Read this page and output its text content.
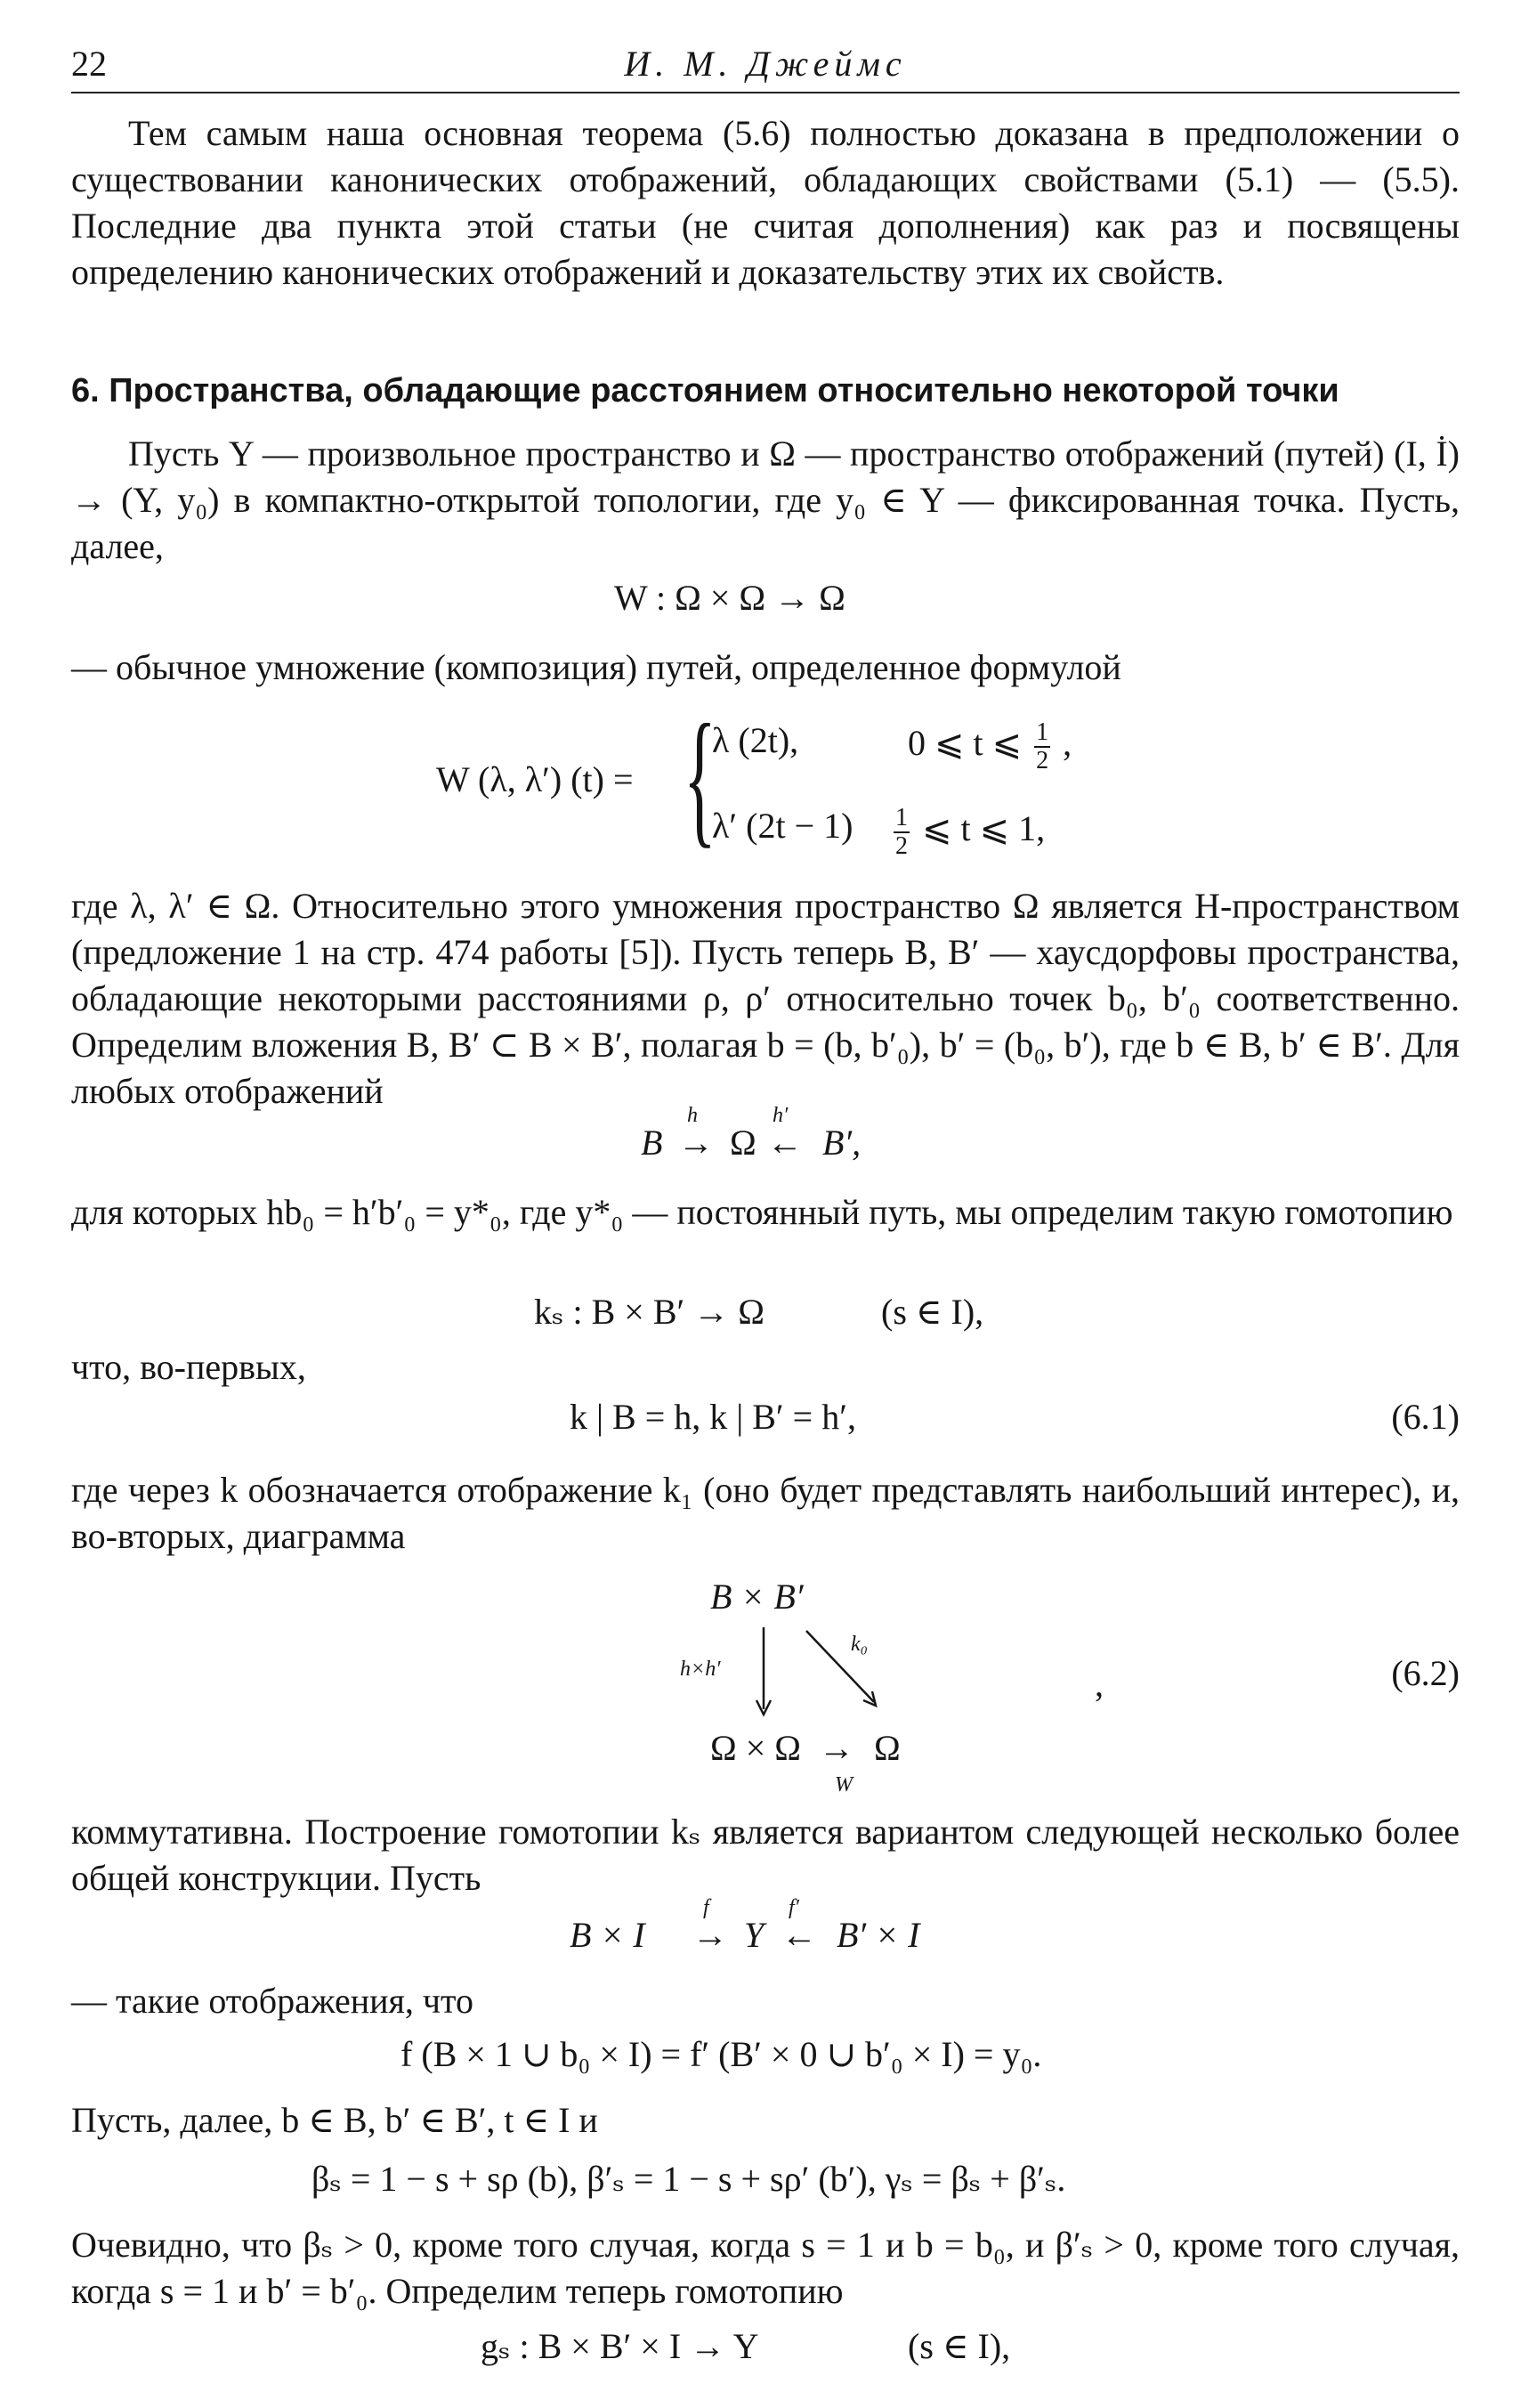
22	И. М. Джеймс

Тем самым наша основная теорема (5.6) полностью доказана в предположении о существовании канонических отображений, обладающих свойствами (5.1) — (5.5). Последние два пункта этой статьи (не считая дополнения) как раз и посвящены определению канонических отображений и доказательству этих их свойств.

6. Пространства, обладающие расстоянием относительно некоторой точки

Пусть Y — произвольное пространство и Ω — пространство отображений (путей) (I, İ) → (Y, y₀) в компактно-открытой топологии, где y₀ ∈ Y — фиксированная точка. Пусть, далее,

W : Ω × Ω → Ω

— обычное умножение (композиция) путей, определенное формулой

W (λ, λ′) (t) = {
λ (2t),	0 ⩽ t ⩽ $\frac{1}{2}$ ,
λ′ $(2t - 1) \frac{1}{2}$ ⩽ t ⩽ 1,

где λ, λ′ ∈ Ω. Относительно этого умножения пространство Ω является H-пространством (предложение 1 на стр. 474 работы [5]). Пусть теперь B, B′ — хаусдорфовы пространства, обладающие некоторыми расстояниями ρ, ρ′ относительно точек b₀, b′₀ соответственно. Определим вложения B, B′ ⊂ B × B′, полагая b = (b, b′₀), b′ = (b₀, b′), где b ∈ B, b′ ∈ B′. Для любых отображений

B
h
→ Ω
h′
← B′,

для которых hb₀ = h′b′₀ = y*₀, где y*₀ — постоянный путь, мы определим такую гомотопию

kₛ : B × B′ → Ω	(s ∈ I),

что, во-первых,

k | B = h, k | B′ = h′,	(6.1)

где через k обозначается отображение k₁ (оно будет представлять наибольший интерес), и, во-вторых, диаграмма

B × B′
h×h′
k₀
Ω × Ω → Ω
W
,	(6.2)

коммутативна. Построение гомотопии kₛ является вариантом следующей несколько более общей конструкции. Пусть

B × I
f
→ Y
f′
← B′ × I

— такие отображения, что

f (B × 1 ∪ b₀ × I) = f′ (B′ × 0 ∪ b′₀ × I) = y₀.

Пусть, далее, b ∈ B, b′ ∈ B′, t ∈ I и

βₛ = 1 − s + sρ (b), β′ₛ = 1 − s + sρ′ (b′), γₛ = βₛ + β′ₛ.

Очевидно, что βₛ > 0, кроме того случая, когда s = 1 и b = b₀, и β′ₛ > 0, кроме того случая, когда s = 1 и b′ = b′₀. Определим теперь гомотопию

gₛ : B × B′ × I → Y	(s ∈ I),
